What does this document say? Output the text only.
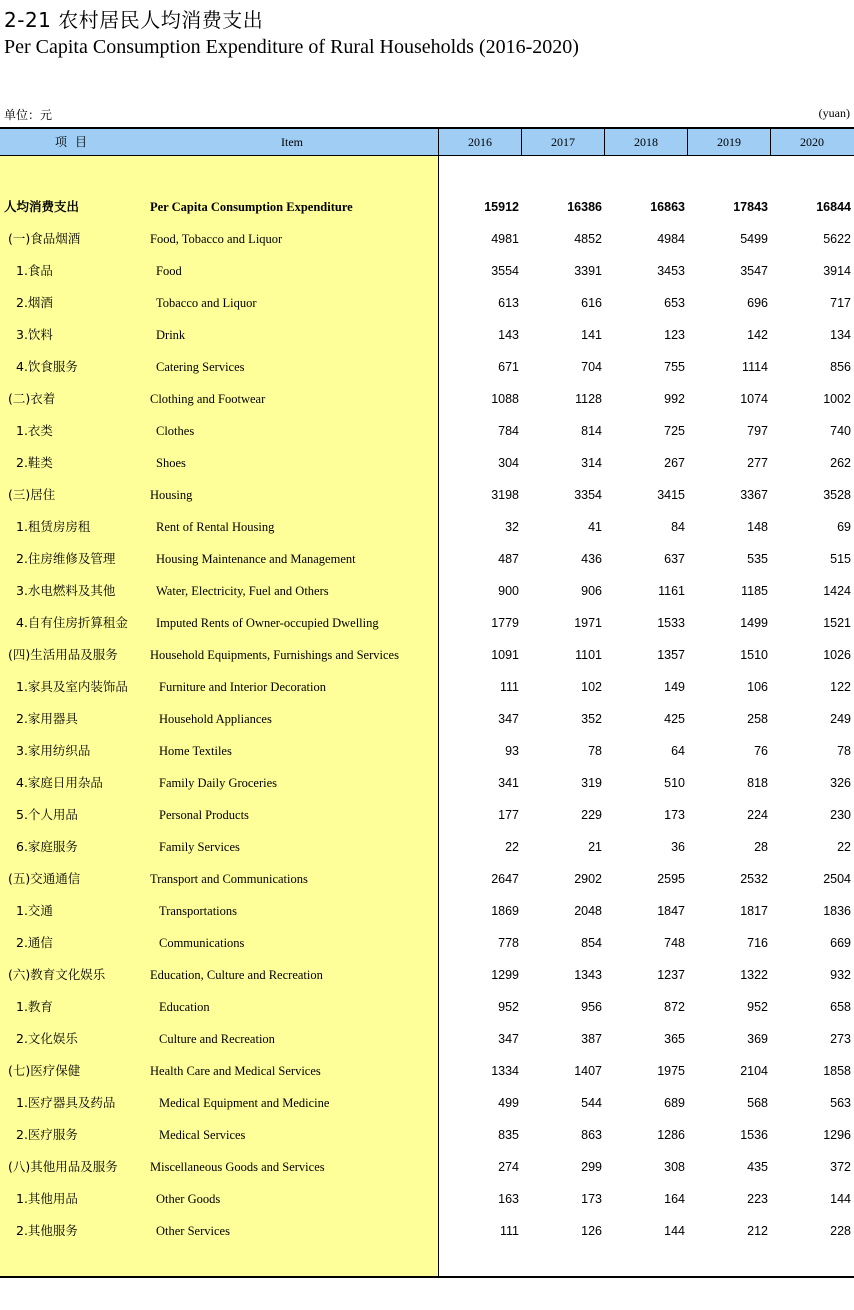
2-21 农村居民人均消费支出
Per Capita Consumption Expenditure of Rural Households (2016-2020)
单位：元	(yuan)
项目	Item	2016	2017	2018	2019	2020
人均消费支出	Per Capita Consumption Expenditure	15912	16386	16863	17843	16844
(一)食品烟酒	Food, Tobacco and Liquor	4981	4852	4984	5499	5622
1.食品	Food	3554	3391	3453	3547	3914
2.烟酒	Tobacco and Liquor	613	616	653	696	717
3.饮料	Drink	143	141	123	142	134
4.饮食服务	Catering Services	671	704	755	1114	856
(二)衣着	Clothing and Footwear	1088	1128	992	1074	1002
1.衣类	Clothes	784	814	725	797	740
2.鞋类	Shoes	304	314	267	277	262
(三)居住	Housing	3198	3354	3415	3367	3528
1.租赁房房租	Rent of Rental Housing	32	41	84	148	69
2.住房维修及管理	Housing Maintenance and Management	487	436	637	535	515
3.水电燃料及其他	Water, Electricity, Fuel and Others	900	906	1161	1185	1424
4.自有住房折算租金 Imputed Rents of Owner-occupied Dwelling	1779	1971	1533	1499	1521
(四)生活用品及服务	Household Equipments, Furnishings and Services	1091	1101	1357	1510	1026
1.家具及室内装饰品 Furniture and Interior Decoration	111	102	149	106	122
2.家用器具	Household Appliances	347	352	425	258	249
3.家用纺织品	Home Textiles	93	78	64	76	78
4.家庭日用杂品	Family Daily Groceries	341	319	510	818	326
5.个人用品	Personal Products	177	229	173	224	230
6.家庭服务	Family Services	22	21	36	28	22
(五)交通通信	Transport and Communications	2647	2902	2595	2532	2504
1.交通	Transportations	1869	2048	1847	1817	1836
2.通信	Communications	778	854	748	716	669
(六)教育文化娱乐	Education, Culture and Recreation	1299	1343	1237	1322	932
1.教育	Education	952	956	872	952	658
2.文化娱乐	Culture and Recreation	347	387	365	369	273
(七)医疗保健	Health Care and Medical Services	1334	1407	1975	2104	1858
1.医疗器具及药品	Medical Equipment and Medicine	499	544	689	568	563
2.医疗服务	Medical Services	835	863	1286	1536	1296
(八)其他用品及服务	Miscellaneous Goods and Services	274	299	308	435	372
1.其他用品	Other Goods	163	173	164	223	144
2.其他服务	Other Services	111	126	144	212	228
